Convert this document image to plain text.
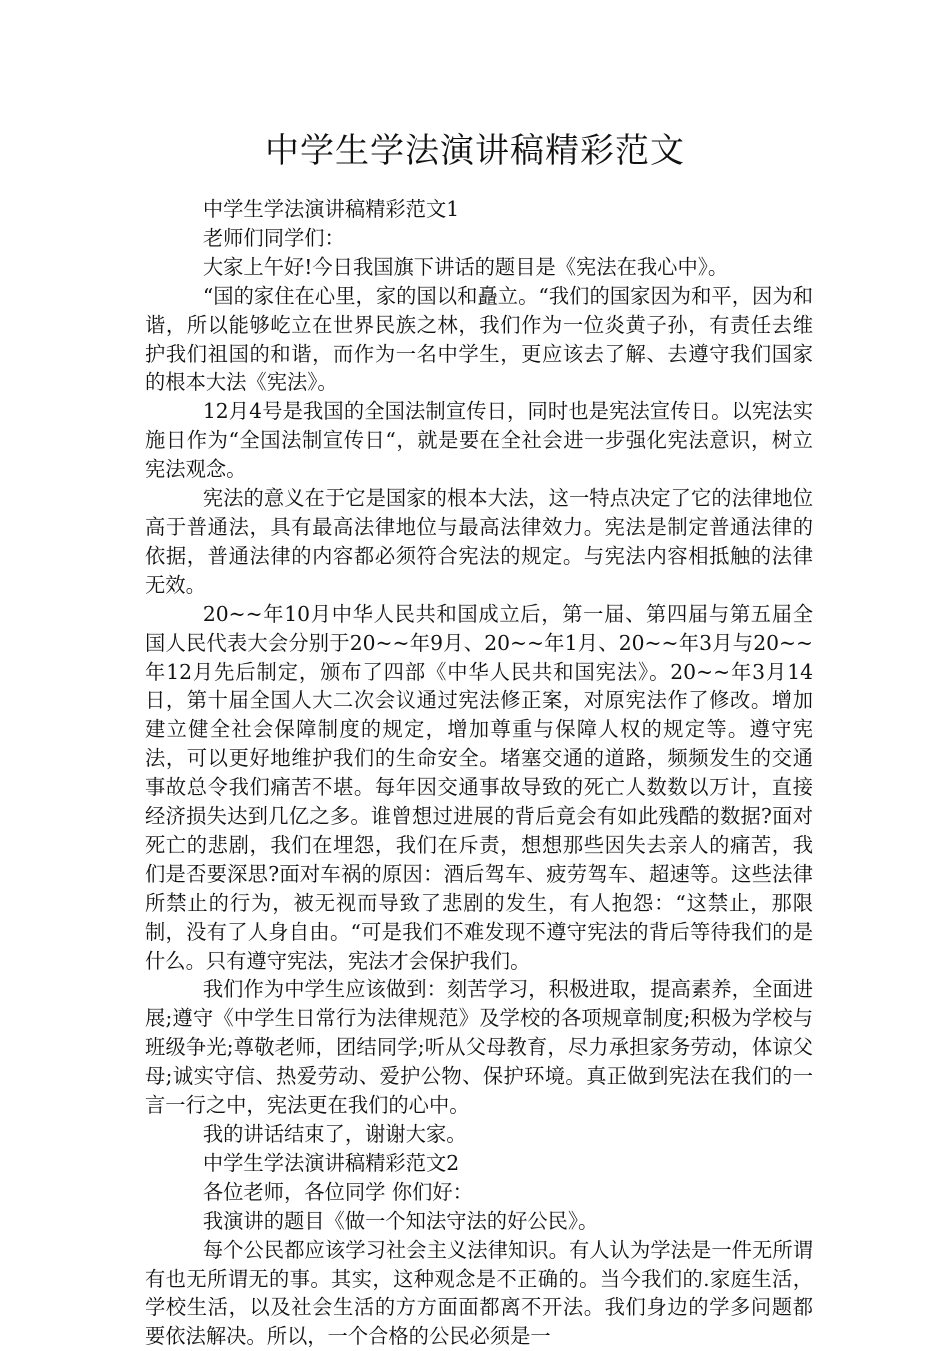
中学生学法演讲稿精彩范文

中学生学法演讲稿精彩范文1

老师们同学们：

大家上午好!今日我国旗下讲话的题目是《宪法在我心中》。

“国的家住在心里，家的国以和矗立。“我们的国家因为和平，因为和谐，所以能够屹立在世界民族之林，我们作为一位炎黄子孙，有责任去维护我们祖国的和谐，而作为一名中学生，更应该去了解、去遵守我们国家的根本大法《宪法》。

12月4号是我国的全国法制宣传日，同时也是宪法宣传日。以宪法实施日作为“全国法制宣传日“，就是要在全社会进一步强化宪法意识，树立宪法观念。

宪法的意义在于它是国家的根本大法，这一特点决定了它的法律地位高于普通法，具有最高法律地位与最高法律效力。宪法是制定普通法律的依据，普通法律的内容都必须符合宪法的规定。与宪法内容相抵触的法律无效。

20~~年10月中华人民共和国成立后，第一届、第四届与第五届全国人民代表大会分别于20~~年9月、20~~年1月、20~~年3月与20~~年12月先后制定，颁布了四部《中华人民共和国宪法》。20~~年3月14日，第十届全国人大二次会议通过宪法修正案，对原宪法作了修改。增加建立健全社会保障制度的规定，增加尊重与保障人权的规定等。遵守宪法，可以更好地维护我们的生命安全。堵塞交通的道路，频频发生的交通事故总令我们痛苦不堪。每年因交通事故导致的死亡人数数以万计，直接经济损失达到几亿之多。谁曾想过进展的背后竟会有如此残酷的数据?面对死亡的悲剧，我们在埋怨，我们在斥责，想想那些因失去亲人的痛苦，我们是否要深思?面对车祸的原因：酒后驾车、疲劳驾车、超速等。这些法律所禁止的行为，被无视而导致了悲剧的发生，有人抱怨：“这禁止，那限制，没有了人身自由。“可是我们不难发现不遵守宪法的背后等待我们的是什么。只有遵守宪法，宪法才会保护我们。

我们作为中学生应该做到：刻苦学习，积极进取，提高素养，全面进展;遵守《中学生日常行为法律规范》及学校的各项规章制度;积极为学校与班级争光;尊敬老师，团结同学;听从父母教育，尽力承担家务劳动，体谅父母;诚实守信、热爱劳动、爱护公物、保护环境。真正做到宪法在我们的一言一行之中，宪法更在我们的心中。

我的讲话结束了，谢谢大家。

中学生学法演讲稿精彩范文2

各位老师，各位同学 你们好：

我演讲的题目《做一个知法守法的好公民》。

每个公民都应该学习社会主义法律知识。有人认为学法是一件无所谓有也无所谓无的事。其实，这种观念是不正确的。当今我们的.家庭生活，学校生活，以及社会生活的方方面面都离不开法。我们身边的学多问题都要依法解决。所以，一个合格的公民必须是一
